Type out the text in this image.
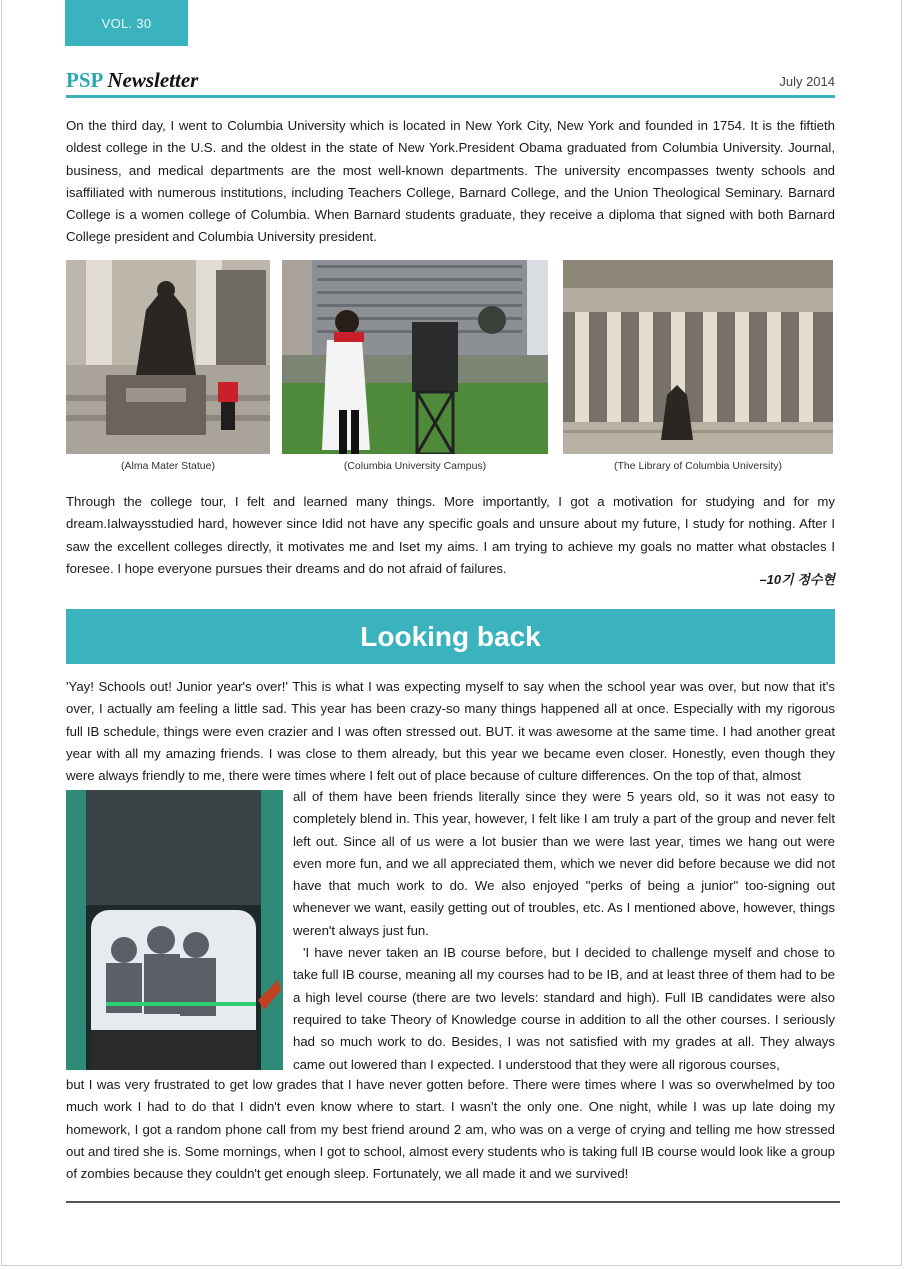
VOL. 30
PSP Newsletter	July 2014

On the third day, I went to Columbia University which is located in New York City, New York and founded in 1754. It is the fiftieth oldest college in the U.S. and the oldest in the state of New York.President Obama graduated from Columbia University. Journal, business, and medical departments are the most well-known departments. The university encompasses twenty schools and isaffiliated with numerous institutions, including Teachers College, Barnard College, and the Union Theological Seminary. Barnard College is a women college of Columbia. When Barnard students graduate, they receive a diploma that signed with both Barnard College president and Columbia University president.

(Alma Mater Statue)	(Columbia University Campus)	(The Library of Columbia University)

Through the college tour, I felt and learned many things. More importantly, I got a motivation for studying and for my dream.Ialwaysstudied hard, however since Idid not have any specific goals and unsure about my future, I study for nothing. After I saw the excellent colleges directly, it motivates me and Iset my aims. I am trying to achieve my goals no matter what obstacles I foresee. I hope everyone pursues their dreams and do not afraid of failures.

–10기 정수현
Looking back

'Yay! Schools out! Junior year's over!' This is what I was expecting myself to say when the school year was over, but now that it's over, I actually am feeling a little sad. This year has been crazy-so many things happened all at once. Especially with my rigorous full IB schedule, things were even crazier and I was often stressed out. BUT. it was awesome at the same time. I had another great year with all my amazing friends. I was close to them already, but this year we became even closer. Honestly, even though they were always friendly to me, there were times where I felt out of place because of culture differences. On the top of that, almost

all of them have been friends literally since they were 5 years old, so it was not easy to completely blend in. This year, however, I felt like I am truly a part of the group and never felt left out. Since all of us were a lot busier than we were last year, times we hang out were even more fun, and we all appreciated them, which we never did before because we did not have that much work to do. We also enjoyed "perks of being a junior" too-signing out whenever we want, easily getting out of troubles, etc. As I mentioned above, however, things weren't always just fun.
'I have never taken an IB course before, but I decided to challenge myself and chose to take full IB course, meaning all my courses had to be IB, and at least three of them had to be a high level course (there are two levels: standard and high). Full IB candidates were also required to take Theory of Knowledge course in addition to all the other courses. I seriously had so much work to do. Besides, I was not satisfied with my grades at all. They always came out lowered than I expected. I understood that they were all rigorous courses,

but I was very frustrated to get low grades that I have never gotten before. There were times where I was so overwhelmed by too much work I had to do that I didn't even know where to start. I wasn't the only one. One night, while I was up late doing my homework, I got a random phone call from my best friend around 2 am, who was on a verge of crying and telling me how stressed out and tired she is. Some mornings, when I got to school, almost every students who is taking full IB course would look like a group of zombies because they couldn't get enough sleep. Fortunately, we all made it and we survived!
